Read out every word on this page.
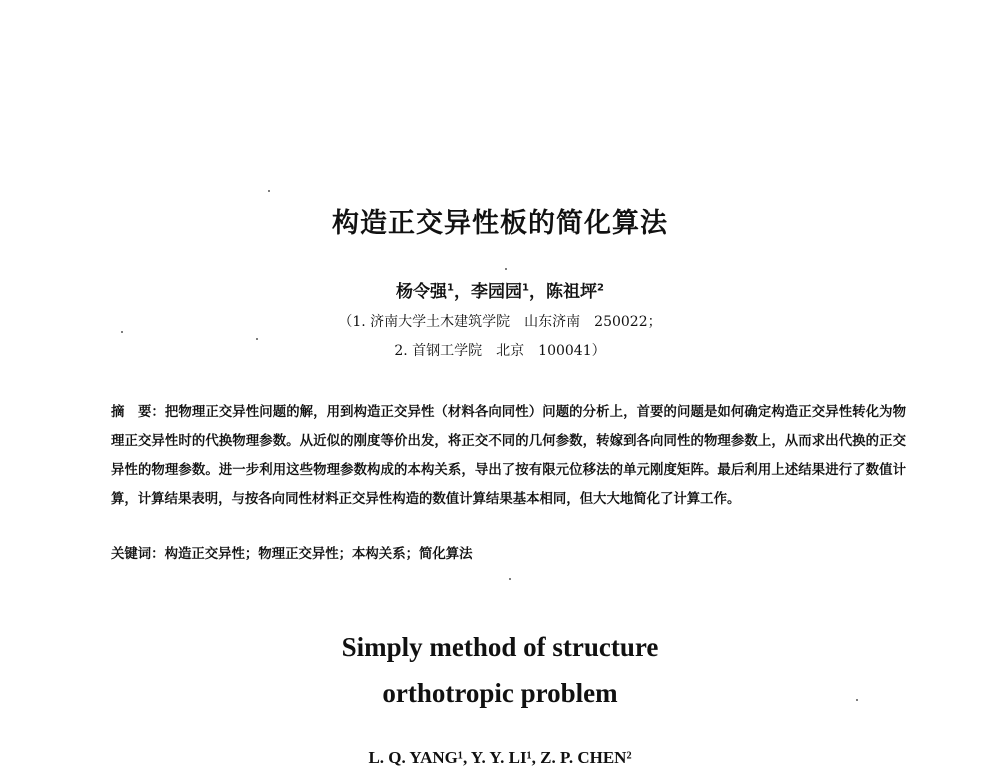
构造正交异性板的简化算法
杨令强$^1$，李园园$^1$，陈祖坪$^2$
（1. 济南大学土木建筑学院　山东济南　250022；
2. 首钢工学院　北京　100041）
摘　要：把物理正交异性问题的解，用到构造正交异性（材料各向同性）问题的分析上，首要的问题是如何确定构造正交异性转化为物理正交异性时的代换物理参数。从近似的刚度等价出发，将正交不同的几何参数，转嫁到各向同性的物理参数上，从而求出代换的正交异性的物理参数。进一步利用这些物理参数构成的本构关系，导出了按有限元位移法的单元刚度矩阵。最后利用上述结果进行了数值计算，计算结果表明，与按各向同性材料正交异性构造的数值计算结果基本相同，但大大地简化了计算工作。
关键词：构造正交异性；物理正交异性；本构关系；简化算法
Simply method of structure
orthotropic problem
L. Q. YANG¹, Y. Y. LI¹, Z. P. CHEN²
